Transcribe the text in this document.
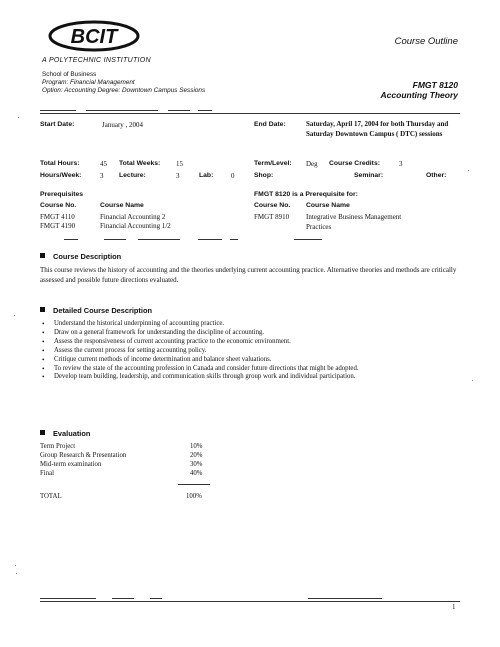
BCIT	Course Outline
A POLYTECHNIC INSTITUTION
School of Business
Program: Financial Management
Option: Accounting Degree: Downtown Campus Sessions
FMGT 8120
Accounting Theory
Start Date:	January , 2004	End Date:	Saturday, April 17, 2004 for both Thursday and Saturday Downtown Campus ( DTC) sessions
Total Hours:	45 Total Weeks: 15	Term/Level: Deg Course Credits:	3
Hours/Week:	3 Lecture:	3	Lab:	0	Shop:	Seminar:	Other:
Prerequisites
Course No.	Course Name
FMGT 4110	Financial Accounting 2
FMGT 4190	Financial Accounting 1/2
FMGT 8120 is a Prerequisite for:
Course No. Course Name
FMGT 8910 Integrative Business Management Practices
Course Description
This course reviews the history of accounting and the theories underlying current accounting practice. Alternative theories and methods are critically assessed and possible future directions evaluated.
Detailed Course Description
• Understand the historical underpinning of accounting practice.
• Draw on a general framework for understanding the discipline of accounting.
• Assess the responsiveness of current accounting practice to the economic environment.
• Assess the current process for setting accounting policy.
• Critique current methods of income determination and balance sheet valuations.
• To review the state of the accounting profession in Canada and consider future directions that might be adopted.
• Develop team building, leadership, and communication skills through group work and individual participation.
Evaluation
Term Project	10%
Group Research & Presentation	20%
Mid-term examination	30%
Final	40%
TOTAL	100%
1
